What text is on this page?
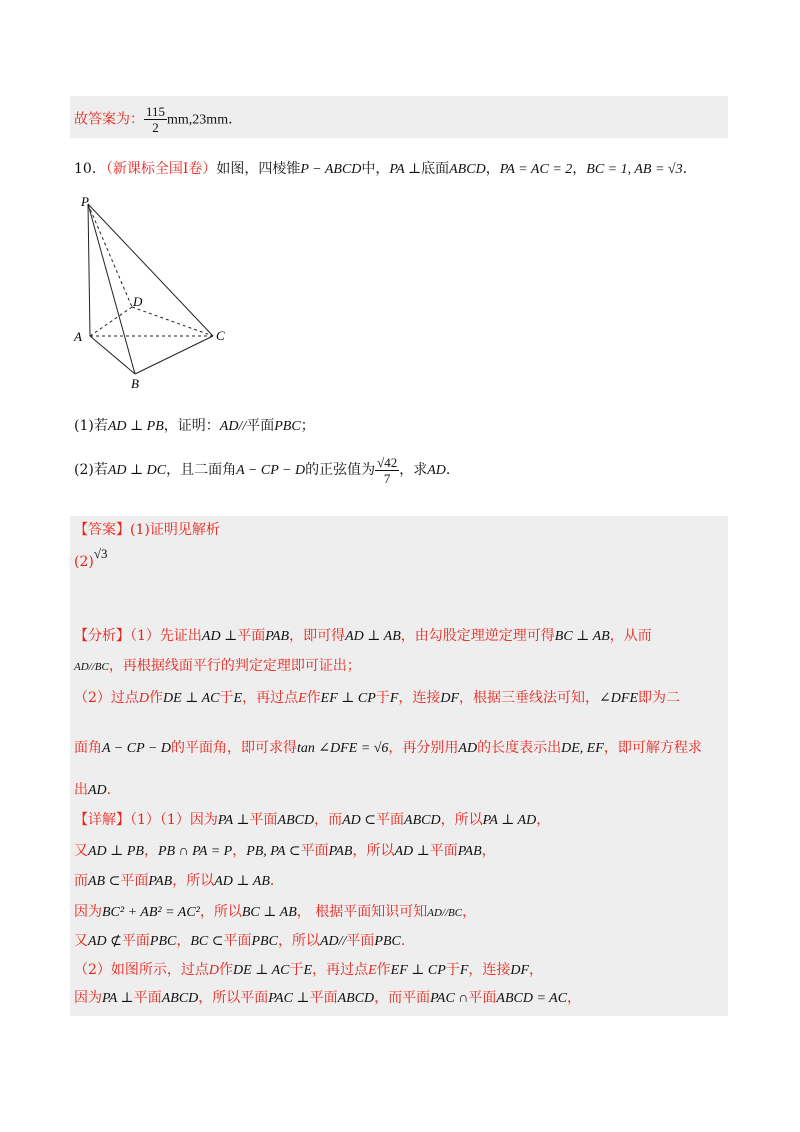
故答案为： $\frac{115}{2} mm,23mm$.
10．（新课标全国Ⅰ卷）如图，四棱锥P − ABCD中，PA ⊥底面ABCD，PA = AC = 2，BC = 1, AB = √3.
P
D
A	C
B
(1)若AD ⊥ PB，证明：AD//平面PBC；
(2)若AD ⊥ DC，且二面角A − CP − D的正弦值为 $\frac{√42}{7}$ ，求AD.
【答案】(1)证明见解析
(2)√3
【分析】（1）先证出AD ⊥平面PAB，即可得AD ⊥ AB，由勾股定理逆定理可得BC ⊥ AB，从而
AD//BC，再根据线面平行的判定定理即可证出；
（2）过点D作DE ⊥ AC于E，再过点E作EF ⊥ CP于F，连接DF，根据三垂线法可知，∠DFE即为二
面角A − CP − D的平面角，即可求得tan ∠DFE = √6，再分别用AD的长度表示出DE, EF，即可解方程求
出AD.
【详解】（1）（1）因为PA ⊥平面ABCD，而AD ⊂平面ABCD，所以PA ⊥ AD，
又AD ⊥ PB，PB ∩ PA = P，PB, PA ⊂平面PAB，所以AD ⊥平面PAB，
而AB ⊂平面PAB，所以AD ⊥ AB.
因为BC² + AB² = AC²，所以BC ⊥ AB， 根据平面知识可知AD//BC，
又AD ⊄平面PBC，BC ⊂平面PBC，所以AD//平面PBC.
（2）如图所示，过点D作DE ⊥ AC于E，再过点E作EF ⊥ CP于F，连接DF，
因为PA ⊥平面ABCD，所以平面PAC ⊥平面ABCD，而平面PAC ∩平面ABCD = AC，
